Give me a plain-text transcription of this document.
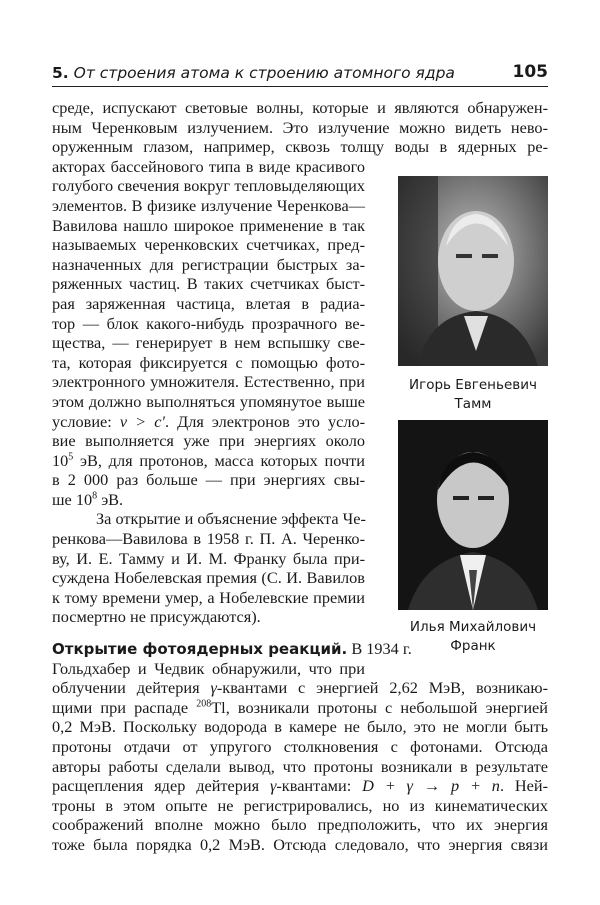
5. От строения атома к строению атомного ядра	105
среде, испускают световые волны, которые и являются обнаружен-
ным Черенковым излучением. Это излучение можно видеть нево-
оруженным глазом, например, сквозь толщу воды в ядерных ре-
акторах бассейнового типа в виде красивого
голубого свечения вокруг тепловыделяющих
элементов. В физике излучение Черенкова—
Вавилова нашло широкое применение в так
называемых черенковских счетчиках, пред-
назначенных для регистрации быстрых за-
ряженных частиц. В таких счетчиках быст-
рая заряженная частица, влетая в радиа-
тор — блок какого-нибудь прозрачного ве-
щества, — генерирует в нем вспышку све-
та, которая фиксируется с помощью фото-
электронного умножителя. Естественно, при
этом должно выполняться упомянутое выше
условие: v > c′. Для электронов это усло-
вие выполняется уже при энергиях около
$10^5$ эВ, для протонов, масса которых почти
в 2 000 раз больше — при энергиях свы-
ше $10^8$ эВ.
За открытие и объяснение эффекта Че-
ренкова—Вавилова в 1958 г. П. А. Черенко-
ву, И. Е. Тамму и И. М. Франку была при-
суждена Нобелевская премия (С. И. Вавилов
к тому времени умер, а Нобелевские премии
посмертно не присуждаются).
Открытие фотоядерных реакций. В 1934 г.
Гольдхабер и Чедвик обнаружили, что при
облучении дейтерия γ-квантами с энергией 2,62 МэВ, возникаю-
щими при распаде $^{208}$Tl, возникали протоны с небольшой энергией
0,2 МэВ. Поскольку водорода в камере не было, это не могли быть
протоны отдачи от упругого столкновения с фотонами. Отсюда
авторы работы сделали вывод, что протоны возникали в результате
расщепления ядер дейтерия γ-квантами: D + γ → p + n. Ней-
троны в этом опыте не регистрировались, но из кинематических
соображений вполне можно было предположить, что их энергия
тоже была порядка 0,2 МэВ. Отсюда следовало, что энергия связи
Игорь Евгеньевич
Тамм
Илья Михайлович
Франк
